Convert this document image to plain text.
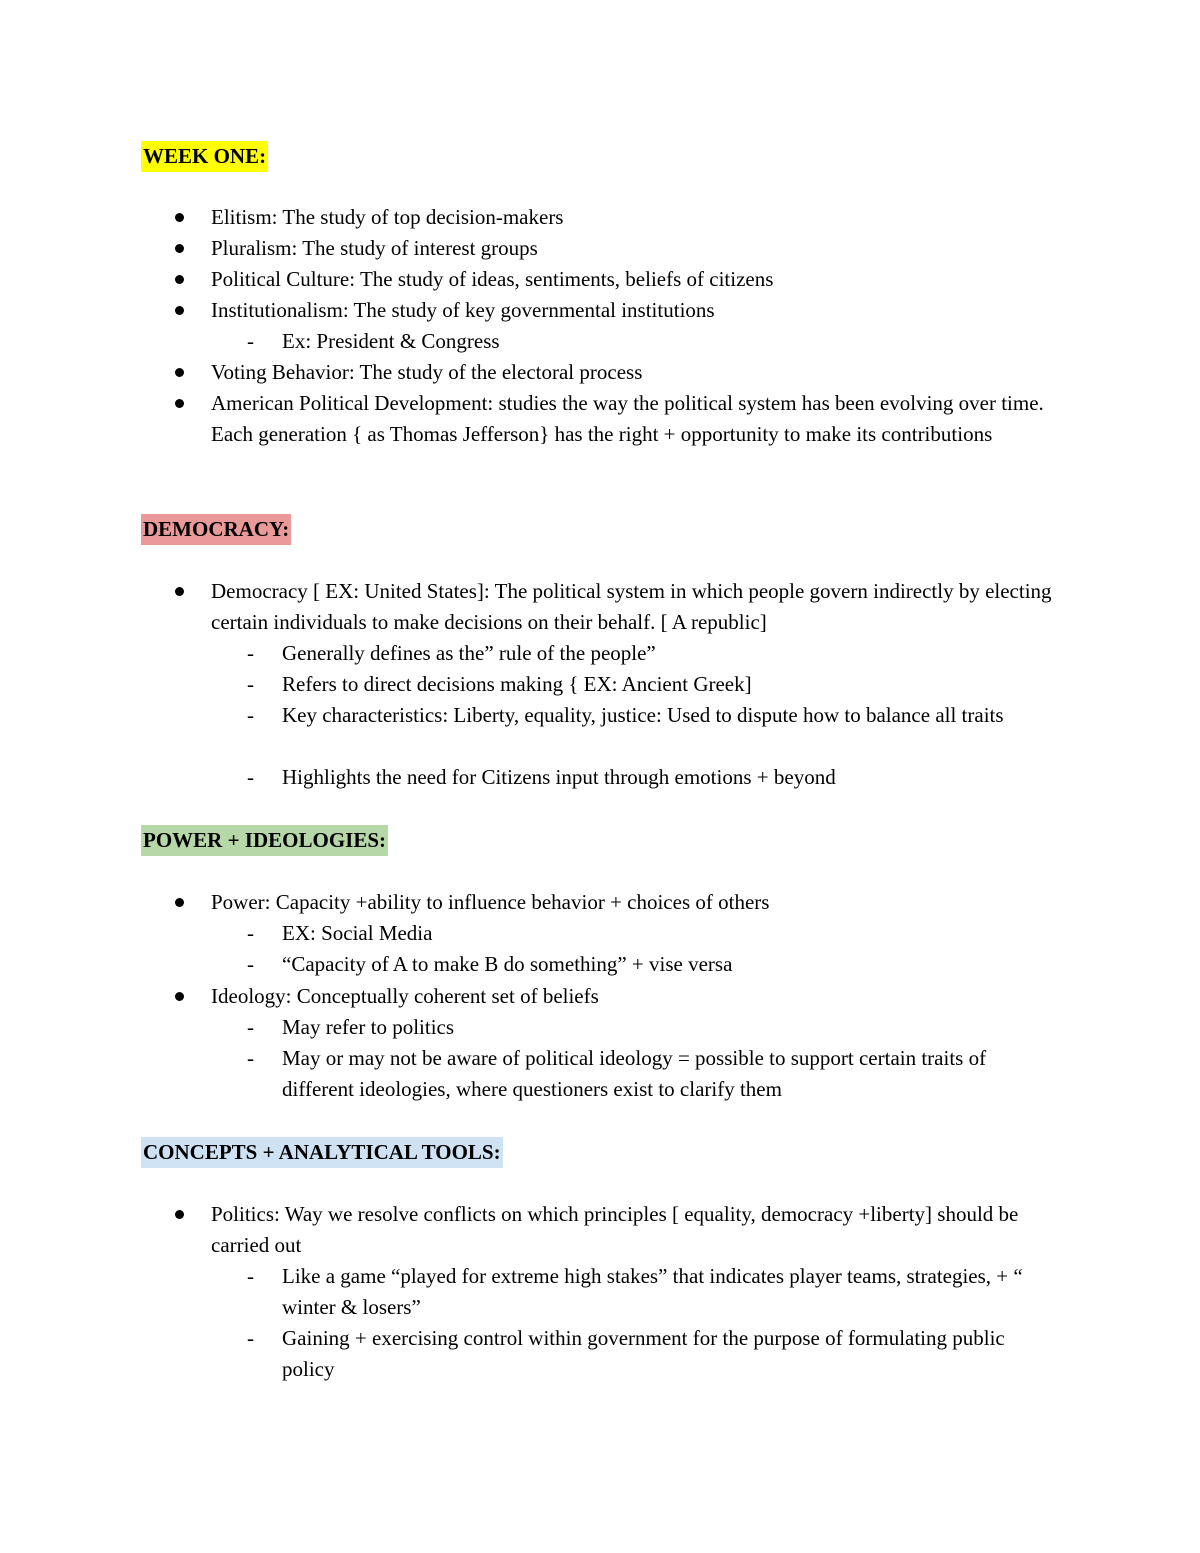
WEEK ONE:
Elitism: The study of top decision-makers
Pluralism: The study of interest groups
Political Culture: The study of ideas, sentiments, beliefs of citizens
Institutionalism: The study of key governmental institutions
- Ex: President & Congress
Voting Behavior: The study of the electoral process
American Political Development: studies the way the political system has been evolving over time. Each generation { as Thomas Jefferson} has the right + opportunity to make its contributions
DEMOCRACY:
Democracy [ EX: United States]: The political system in which people govern indirectly by electing certain individuals to make decisions on their behalf. [ A republic]
- Generally defines as the” rule of the people”
- Refers to direct decisions making { EX: Ancient Greek]
- Key characteristics: Liberty, equality, justice: Used to dispute how to balance all traits
- Highlights the need for Citizens input through emotions + beyond
POWER + IDEOLOGIES:
Power: Capacity +ability to influence behavior + choices of others
- EX: Social Media
- “Capacity of A to make B do something” + vise versa
Ideology: Conceptually coherent set of beliefs
- May refer to politics
- May or may not be aware of political ideology = possible to support certain traits of different ideologies, where questioners exist to clarify them
CONCEPTS + ANALYTICAL TOOLS:
Politics: Way we resolve conflicts on which principles [ equality, democracy +liberty] should be carried out
- Like a game “played for extreme high stakes” that indicates player teams, strategies, + “ winter & losers”
- Gaining + exercising control within government for the purpose of formulating public policy
